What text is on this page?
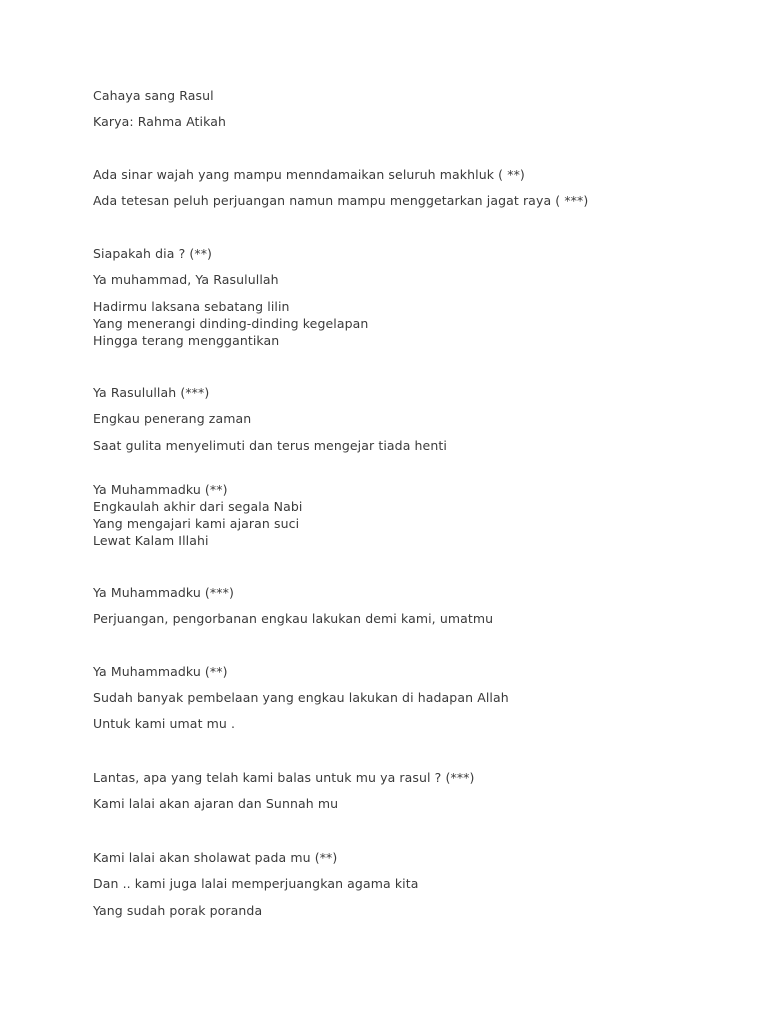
Cahaya sang Rasul
Karya: Rahma Atikah
Ada sinar wajah yang mampu menndamaikan seluruh makhluk ( **)
Ada tetesan peluh perjuangan namun mampu menggetarkan jagat raya ( ***)
Siapakah dia ? (**)
Ya muhammad, Ya Rasulullah
Hadirmu laksana sebatang lilin
Yang menerangi dinding-dinding kegelapan
Hingga terang menggantikan
Ya Rasulullah (***)
Engkau penerang zaman
Saat gulita menyelimuti dan terus mengejar tiada henti
Ya Muhammadku (**)
Engkaulah akhir dari segala Nabi
Yang mengajari kami ajaran suci
Lewat Kalam Illahi
Ya Muhammadku (***)
Perjuangan, pengorbanan engkau lakukan demi kami, umatmu
Ya Muhammadku (**)
Sudah banyak pembelaan yang engkau lakukan di hadapan Allah
Untuk kami umat mu .
Lantas, apa yang telah kami balas untuk mu ya rasul ? (***)
Kami lalai akan ajaran dan Sunnah mu
Kami lalai akan sholawat pada mu (**)
Dan .. kami juga lalai memperjuangkan agama kita
Yang sudah porak poranda
